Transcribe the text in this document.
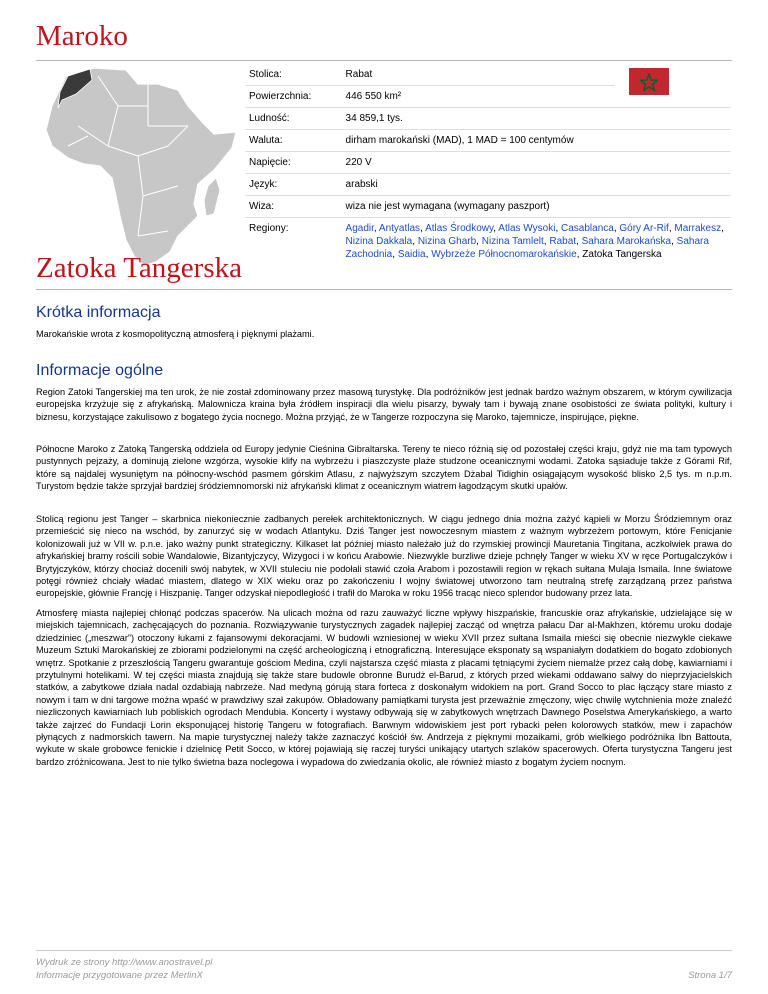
Maroko
Stolica:	Rabat	

Powierzchnia:	446 550 km²	
Ludność:	34 859,1 tys.	
Waluta:	dirham marokański (MAD), 1 MAD = 100 centymów	
Napięcie:	220 V	
Język:	arabski	
Wiza:	wiza nie jest wymagana (wymagany paszport)	
Regiony:	Agadir, Antyatlas, Atlas Środkowy, Atlas Wysoki, Casablanca, Góry Ar-Rif, Marrakesz, Nizina Dakkala, Nizina Gharb, Nizina Tamlelt, Rabat, Sahara Marokańska, Sahara Zachodnia, Saidia, Wybrzeże Północnomarokańskie, Zatoka Tangerska	
Zatoka Tangerska
Krótka informacja

Marokańskie wrota z kosmopolityczną atmosferą i pięknymi plażami.

Informacje ogólne

Region Zatoki Tangerskiej ma ten urok, że nie został zdominowany przez masową turystykę. Dla podróżników jest jednak bardzo ważnym obszarem, w którym cywilizacja europejska krzyżuje się z afrykańską. Malownicza kraina była źródłem inspiracji dla wielu pisarzy, bywały tam i bywają znane osobistości ze świata polityki, kultury i biznesu, korzystające zakulisowo z bogatego życia nocnego. Można przyjąć, że w Tangerze rozpoczyna się Maroko, tajemnicze, inspirujące, piękne.

Północne Maroko z Zatoką Tangerską oddziela od Europy jedynie Cieśnina Gibraltarska. Tereny te nieco różnią się od pozostałej części kraju, gdyż nie ma tam typowych pustynnych pejzaży, a dominują zielone wzgórza, wysokie klify na wybrzeżu i piaszczyste plaże studzone oceanicznymi wodami. Zatoka sąsiaduje także z Górami Rif, które są najdalej wysuniętym na północny-wschód pasmem górskim Atlasu, z najwyższym szczytem Dżabal Tidighin osiągającym wysokość blisko 2,5 tys. m n.p.m. Turystom będzie także sprzyjał bardziej śródziemnomorski niż afrykański klimat z oceanicznym wiatrem łagodzącym skutki upałów.

Stolicą regionu jest Tanger – skarbnica niekoniecznie zadbanych perełek architektonicznych. W ciągu jednego dnia można zażyć kąpieli w Morzu Śródziemnym oraz przemieścić się nieco na wschód, by zanurzyć się w wodach Atlantyku. Dziś Tanger jest nowoczesnym miastem z ważnym wybrzeżem portowym, które Fenicjanie kolonizowali już w VII w. p.n.e. jako ważny punkt strategiczny. Kilkaset lat później miasto należało już do rzymskiej prowincji Mauretania Tingitana, aczkolwiek prawa do afrykańskiej bramy rościli sobie Wandalowie, Bizantyjczycy, Wizygoci i w końcu Arabowie. Niezwykle burzliwe dzieje pchnęły Tanger w wieku XV w ręce Portugalczyków i Brytyjczyków, którzy chociaż docenili swój nabytek, w XVII stuleciu nie podołali stawić czoła Arabom i pozostawili region w rękach sułtana Mulaja Ismaila. Inne światowe potęgi również chciały władać miastem, dlatego w XIX wieku oraz po zakończeniu I wojny światowej utworzono tam neutralną strefę zarządzaną przez państwa europejskie, głównie Francję i Hiszpanię. Tanger odzyskał niepodległość i trafił do Maroka w roku 1956 tracąc nieco splendor budowany przez lata.

Atmosferę miasta najlepiej chłonąć podczas spacerów. Na ulicach można od razu zauważyć liczne wpływy hiszpańskie, francuskie oraz afrykańskie, udzielające się w miejskich tajemnicach, zachęcających do poznania. Rozwiązywanie turystycznych zagadek najlepiej zacząć od wnętrza pałacu Dar al-Makhzen, któremu uroku dodaje dziedziniec („meszwar”) otoczony łukami z fajansowymi dekoracjami. W budowli wzniesionej w wieku XVII przez sułtana Ismaila mieści się obecnie niezwykle ciekawe Muzeum Sztuki Marokańskiej ze zbiorami podzielonymi na część archeologiczną i etnograficzną. Interesujące eksponaty są wspaniałym dodatkiem do bogato zdobionych wnętrz. Spotkanie z przeszłością Tangeru gwarantuje gościom Medina, czyli najstarsza część miasta z placami tętniącymi życiem niemalże przez całą dobę, kawiarniami i przytulnymi hotelikami. W tej części miasta znajdują się także stare budowle obronne Burudż el-Barud, z których przed wiekami oddawano salwy do nieprzyjacielskich statków, a zabytkowe działa nadal ozdabiają nabrzeże. Nad medyną górują stara forteca z doskonałym widokiem na port. Grand Socco to plac łączący stare miasto z nowym i tam w dni targowe można wpaść w prawdziwy szał zakupów. Obładowany pamiątkami turysta jest przeważnie zmęczony, więc chwilę wytchnienia może znaleźć niezliczonych kawiarniach lub pobliskich ogrodach Mendubia. Koncerty i wystawy odbywają się w zabytkowych wnętrzach Dawnego Poselstwa Amerykańskiego, a warto także zajrzeć do Fundacji Lorin eksponującej historię Tangeru w fotografiach. Barwnym widowiskiem jest port rybacki pełen kolorowych statków, mew i zapachów płynących z nadmorskich tawern. Na mapie turystycznej należy także zaznaczyć kościół św. Andrzeja z pięknymi mozaikami, grób wielkiego podróżnika Ibn Battouta, wykute w skale grobowce fenickie i dzielnicę Petit Socco, w której pojawiają się raczej turyści unikający utartych szlaków spacerowych. Oferta turystyczna Tangeru jest bardzo zróżnicowana. Jest to nie tylko świetna baza noclegowa i wypadowa do zwiedzania okolic, ale również miasto z bogatym życiem nocnym.

Wydruk ze strony http://www.anostravel.pl

Informacje przygotowane przez MerlinX	Strona 1/7
